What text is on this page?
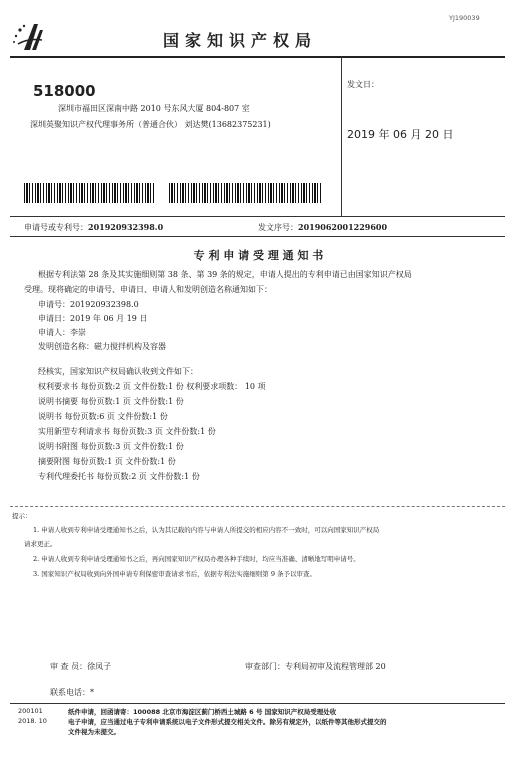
YJ190039
国家知识产权局
518000
深圳市福田区深南中路 2010 号东风大厦 804-807 室
深圳英聚知识产权代理事务所（普通合伙） 刘达樊(13682375231)
发文日：
2019 年 06 月 20 日
申请号或专利号：201920932398.0	发文序号：2019062001229600
专 利 申 请 受 理 通 知 书
根据专利法第 28 条及其实施细则第 38 条、第 39 条的规定，申请人提出的专利申请已由国家知识产权局
受理。现将确定的申请号、申请日、申请人和发明创造名称通知如下：
申请号：201920932398.0
申请日：2019 年 06 月 19 日
申请人：李崇
发明创造名称：磁力搅拌机构及容器
经核实，国家知识产权局确认收到文件如下：
权利要求书 每份页数:2 页 文件份数:1 份 权利要求项数： 10 项
说明书摘要 每份页数:1 页 文件份数:1 份
说明书 每份页数:6 页 文件份数:1 份
实用新型专利请求书 每份页数:3 页 文件份数:1 份
说明书附图 每份页数:3 页 文件份数:1 份
摘要附图 每份页数:1 页 文件份数:1 份
专利代理委托书 每份页数:2 页 文件份数:1 份
提示：
1. 申请人收到专利申请受理通知书之后，认为其记载的内容与申请人所提交的相应内容不一致时，可以向国家知识产权局
请求更正。
2. 申请人收到专利申请受理通知书之后，再向国家知识产权局办理各种手续时，均应当准确、清晰地写明申请号。
3. 国家知识产权局收到向外国申请专利保密审查请求书后，依据专利法实施细则第 9 条予以审查。
审 查 员：徐凤子	审查部门：专利局初审及流程管理部 20
联系电话：*
200101
2018. 10
纸件申请，回函请寄：100088 北京市海淀区蓟门桥西土城路 6 号 国家知识产权局受理处收
电子申请，应当通过电子专利申请系统以电子文件形式提交相关文件。除另有规定外，以纸件等其他形式提交的
文件视为未提交。
